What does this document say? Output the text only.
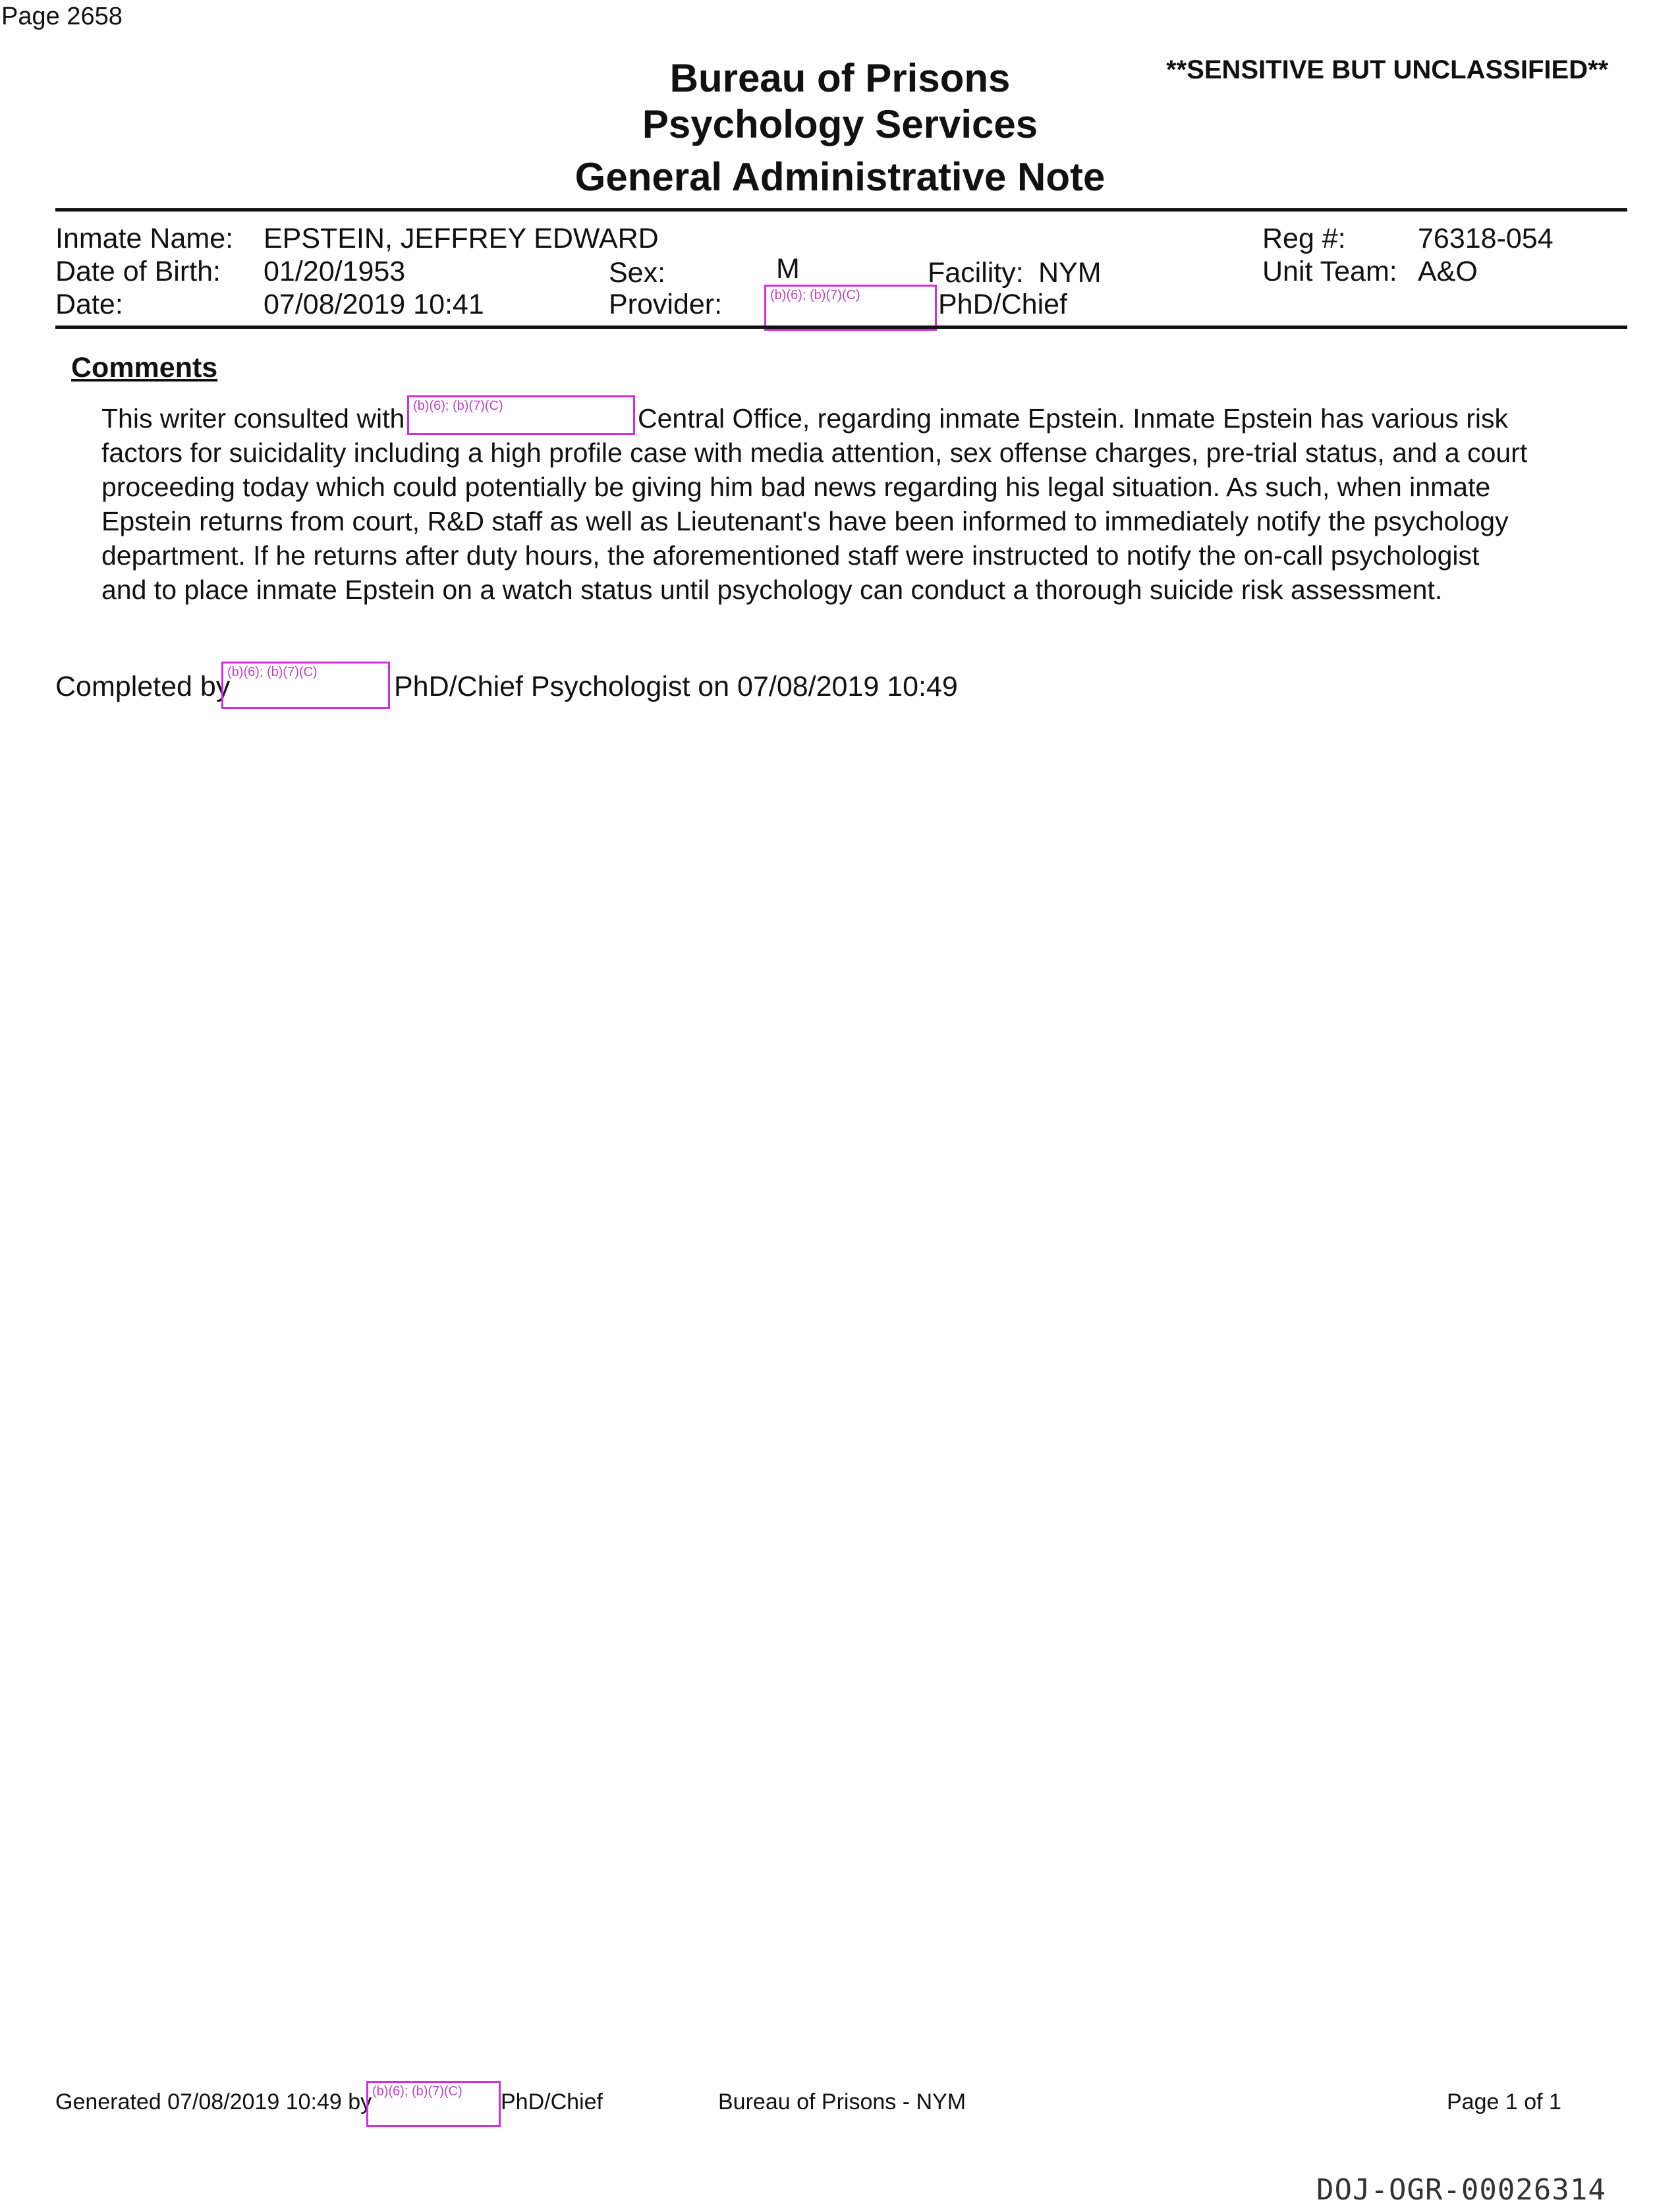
Page 2658
**SENSITIVE BUT UNCLASSIFIED**
Bureau of Prisons
Psychology Services
General Administrative Note
Inmate Name: EPSTEIN, JEFFREY EDWARD	Reg #:	76318-054
Date of Birth: 01/20/1953	Sex:	M	Facility: NYM	Unit Team: A&O
Date:	07/08/2019 10:41	Provider:	(b)(6); (b)(7)(C)	PhD/Chief
Comments
This writer consulted with (b)(6); (b)(7)(C)	Central Office, regarding inmate Epstein. Inmate Epstein has various risk
factors for suicidality including a high profile case with media attention, sex offense charges, pre-trial status, and a court
proceeding today which could potentially be giving him bad news regarding his legal situation. As such, when inmate
Epstein returns from court, R&D staff as well as Lieutenant's have been informed to immediately notify the psychology
department. If he returns after duty hours, the aforementioned staff were instructed to notify the on-call psychologist
and to place inmate Epstein on a watch status until psychology can conduct a thorough suicide risk assessment.
Completed by
(b)(6); (b)(7)(C)	PhD/Chief Psychologist on 07/08/2019 10:49
Generated 07/08/2019 10:49 by (b)(6); (b)(7)(C)	PhD/Chief	Bureau of Prisons - NYM	Page 1 of 1
DOJ-OGR-00026314
